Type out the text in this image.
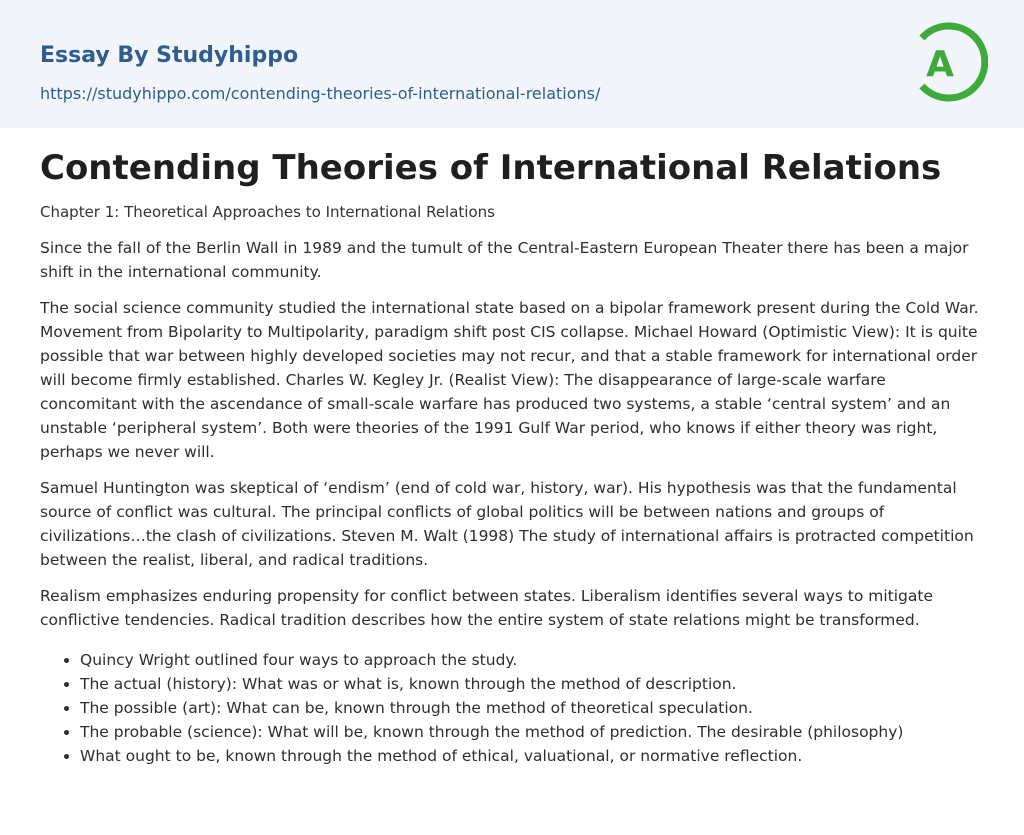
Essay By Studyhippo
https://studyhippo.com/contending-theories-of-international-relations/
A
Contending Theories of International Relations
Chapter 1: Theoretical Approaches to International Relations

Since the fall of the Berlin Wall in 1989 and the tumult of the Central-Eastern European Theater there has been a major shift in the international community.

The social science community studied the international state based on a bipolar framework present during the Cold War. Movement from Bipolarity to Multipolarity, paradigm shift post CIS collapse. Michael Howard (Optimistic View): It is quite possible that war between highly developed societies may not recur, and that a stable framework for international order will become firmly established. Charles W. Kegley Jr. (Realist View): The disappearance of large-scale warfare concomitant with the ascendance of small-scale warfare has produced two systems, a stable ‘central system’ and an unstable ‘peripheral system’. Both were theories of the 1991 Gulf War period, who knows if either theory was right, perhaps we never will.

Samuel Huntington was skeptical of ‘endism’ (end of cold war, history, war). His hypothesis was that the fundamental source of conflict was cultural. The principal conflicts of global politics will be between nations and groups of civilizations…the clash of civilizations. Steven M. Walt (1998) The study of international affairs is protracted competition between the realist, liberal, and radical traditions.

Realism emphasizes enduring propensity for conflict between states. Liberalism identifies several ways to mitigate conflictive tendencies. Radical tradition describes how the entire system of state relations might be transformed.

• Quincy Wright outlined four ways to approach the study.
• The actual (history): What was or what is, known through the method of description.
• The possible (art): What can be, known through the method of theoretical speculation.
• The probable (science): What will be, known through the method of prediction. The desirable (philosophy)
• What ought to be, known through the method of ethical, valuational, or normative reflection.
